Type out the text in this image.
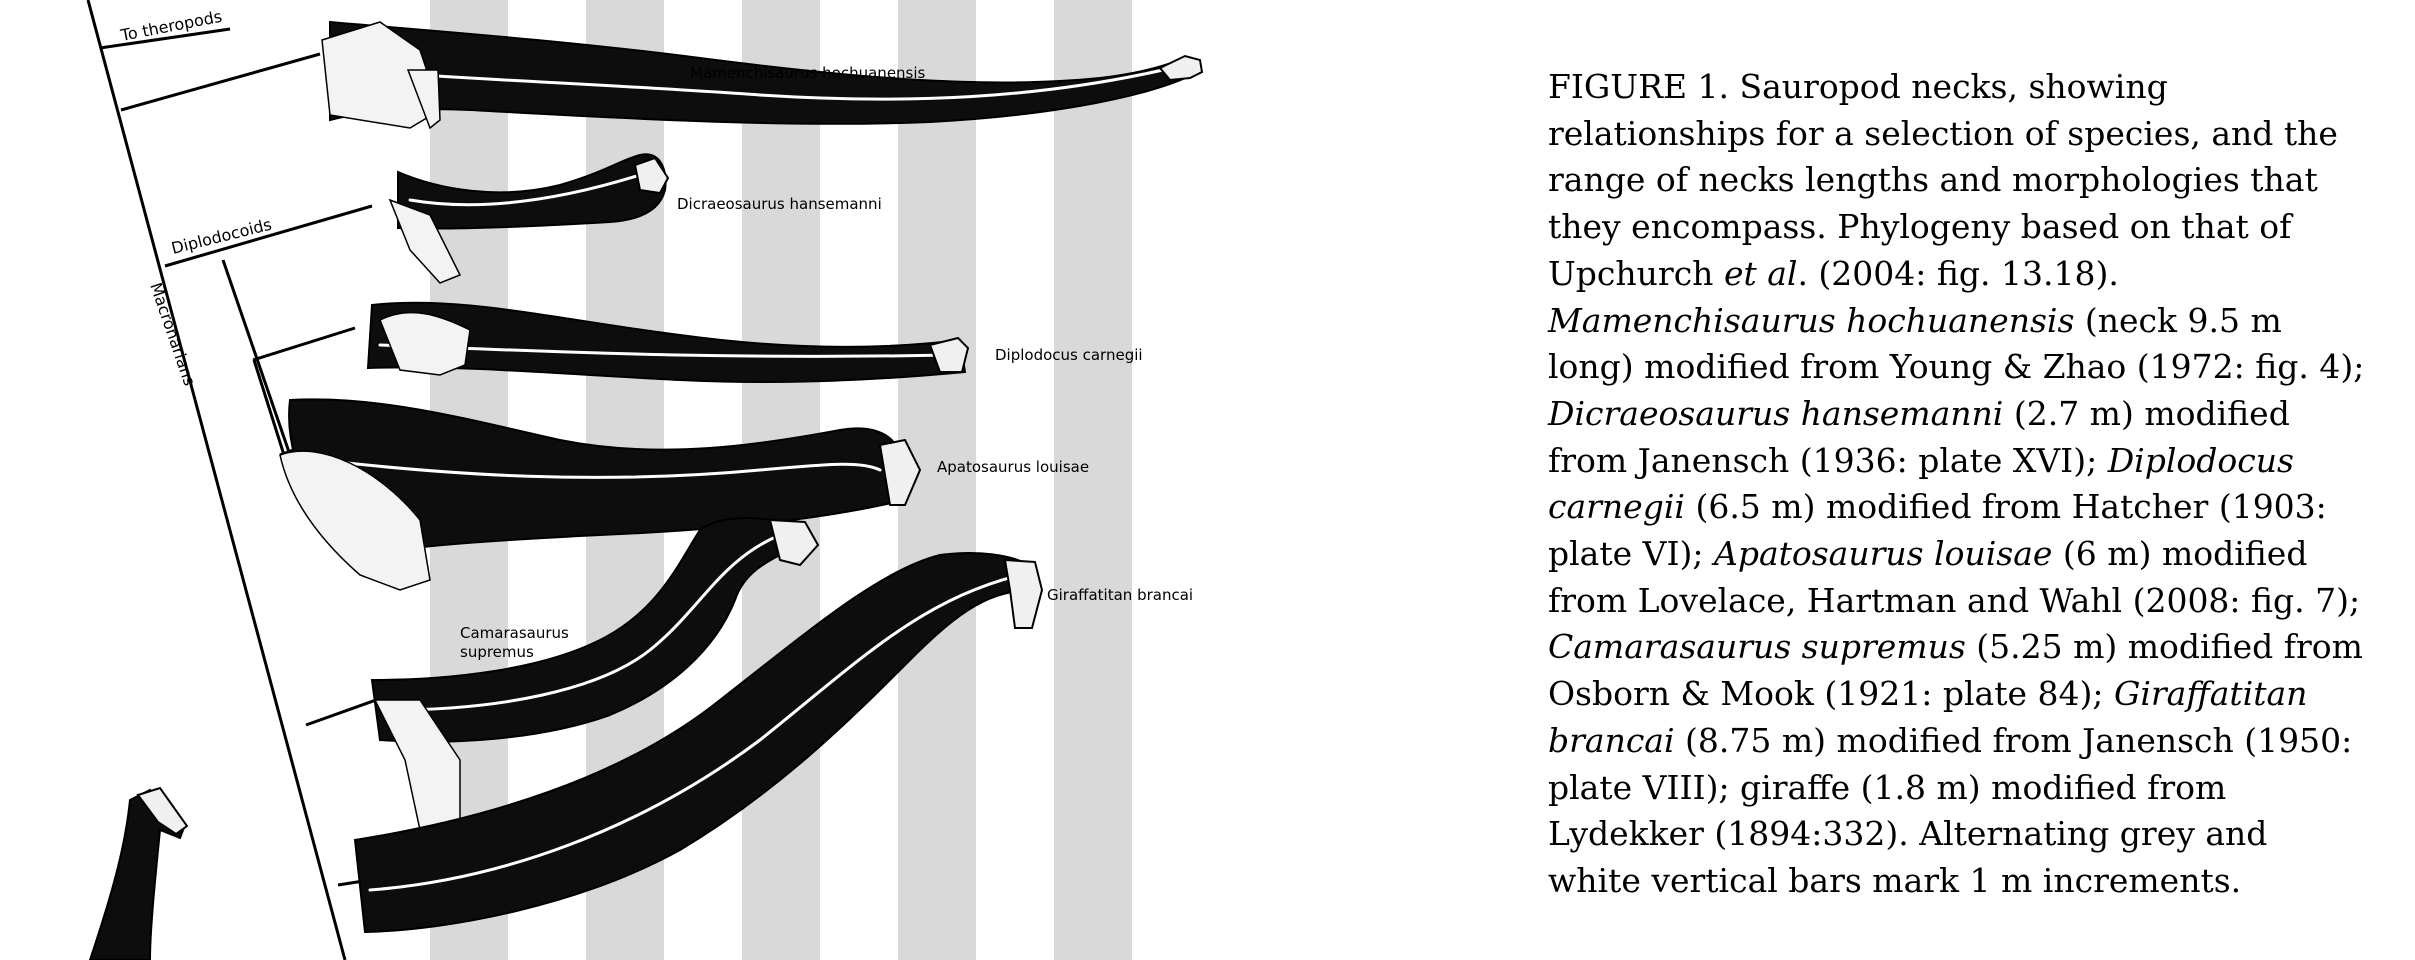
To theropods
Diplodocoids
Macronarians
Mamenchisaurus hochuanensis
Dicraeosaurus hansemanni
Diplodocus carnegii
Apatosaurus louisae
Camarasaurus
supremus
Giraffatitan brancai
FIGURE 1. Sauropod necks, showing relationships for a selection of species, and the range of necks lengths and morphologies that they encompass. Phylogeny based on that of Upchurch et al. (2004: fig. 13.18). Mamenchisaurus hochuanensis (neck 9.5 m long) modified from Young & Zhao (1972: fig. 4); Dicraeosaurus hansemanni (2.7 m) modified from Janensch (1936: plate XVI); Diplodocus carnegii (6.5 m) modified from Hatcher (1903: plate VI); Apatosaurus louisae (6 m) modified from Lovelace, Hartman and Wahl (2008: fig. 7); Camarasaurus supremus (5.25 m) modified from Osborn & Mook (1921: plate 84); Giraffatitan brancai (8.75 m) modified from Janensch (1950: plate VIII); giraffe (1.8 m) modified from Lydekker (1894:332). Alternating grey and white vertical bars mark 1 m increments.
